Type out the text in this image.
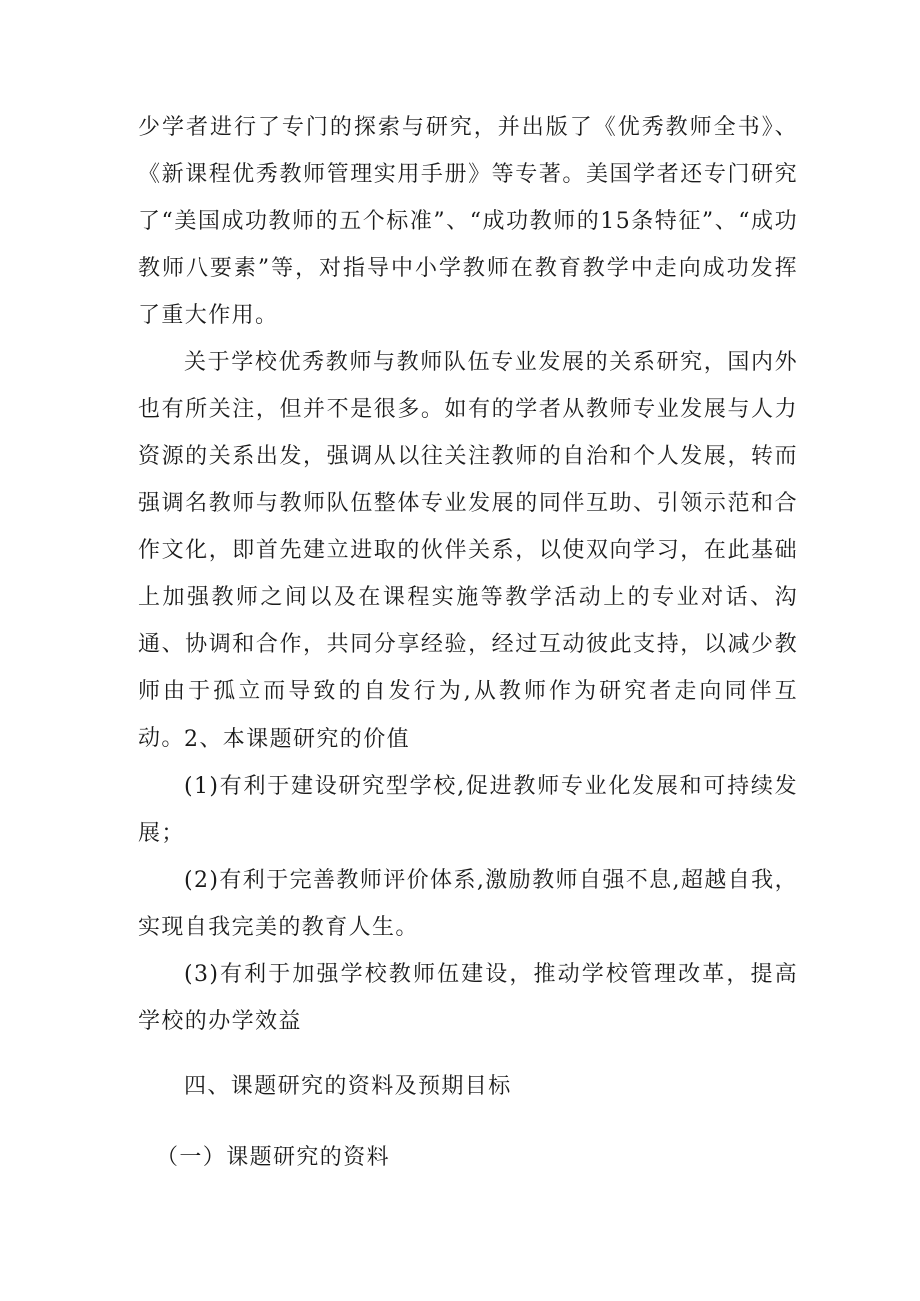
少学者进行了专门的探索与研究，并出版了《优秀教师全书》、《新课程优秀教师管理实用手册》等专著。美国学者还专门研究了“美国成功教师的五个标准”、“成功教师的15条特征”、“成功教师八要素”等，对指导中小学教师在教育教学中走向成功发挥了重大作用。

关于学校优秀教师与教师队伍专业发展的关系研究，国内外也有所关注，但并不是很多。如有的学者从教师专业发展与人力资源的关系出发，强调从以往关注教师的自治和个人发展，转而强调名教师与教师队伍整体专业发展的同伴互助、引领示范和合作文化，即首先建立进取的伙伴关系，以使双向学习，在此基础上加强教师之间以及在课程实施等教学活动上的专业对话、沟通、协调和合作，共同分享经验，经过互动彼此支持，以减少教师由于孤立而导致的自发行为,从教师作为研究者走向同伴互动。 2、本课题研究的价值

(1)有利于建设研究型学校,促进教师专业化发展和可持续发展；

(2)有利于完善教师评价体系,激励教师自强不息,超越自我，实现自我完美的教育人生。

(3)有利于加强学校教师伍建设，推动学校管理改革，提高学校的办学效益

四、课题研究的资料及预期目标

（一）课题研究的资料
